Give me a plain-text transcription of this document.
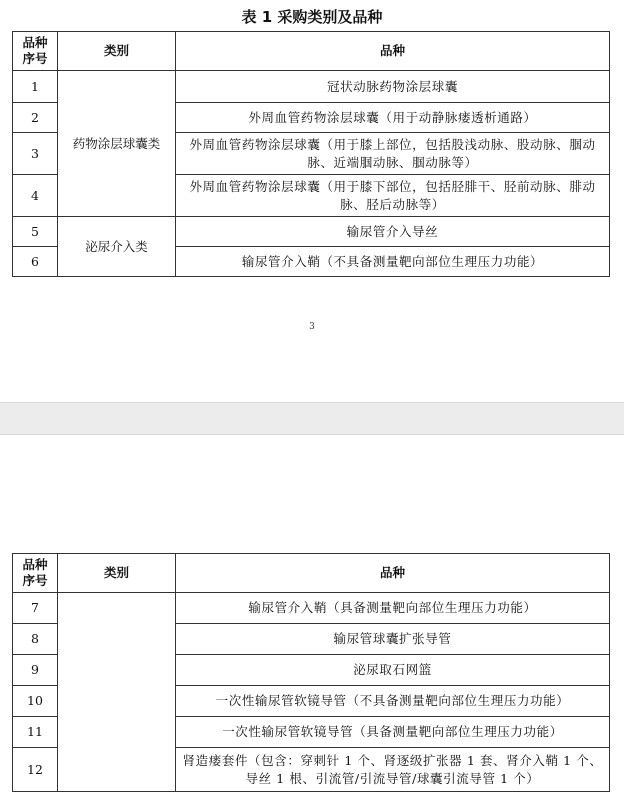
表 1 采购类别及品种
品种
序号	类别	品种
1	药物涂层球囊类	冠状动脉药物涂层球囊
2		外周血管药物涂层球囊（用于动静脉瘘透析通路）
3		外周血管药物涂层球囊（用于膝上部位，包括股浅动脉、股动脉、腘动脉、近端腘动脉、腘动脉等）
4		外周血管药物涂层球囊（用于膝下部位，包括胫腓干、胫前动脉、腓动脉、胫后动脉等）
5	泌尿介入类	输尿管介入导丝
6		输尿管介入鞘（不具备测量靶向部位生理压力功能）
3
品种
序号	类别	品种
7		输尿管介入鞘（具备测量靶向部位生理压力功能）
8		输尿管球囊扩张导管
9		泌尿取石网篮
10		一次性输尿管软镜导管（不具备测量靶向部位生理压力功能）
11		一次性输尿管软镜导管（具备测量靶向部位生理压力功能）
12		肾造瘘套件（包含：穿刺针 1 个、肾逐级扩张器 1 套、肾介入鞘 1 个、导丝 1 根、引流管/引流导管/球囊引流导管 1 个）
